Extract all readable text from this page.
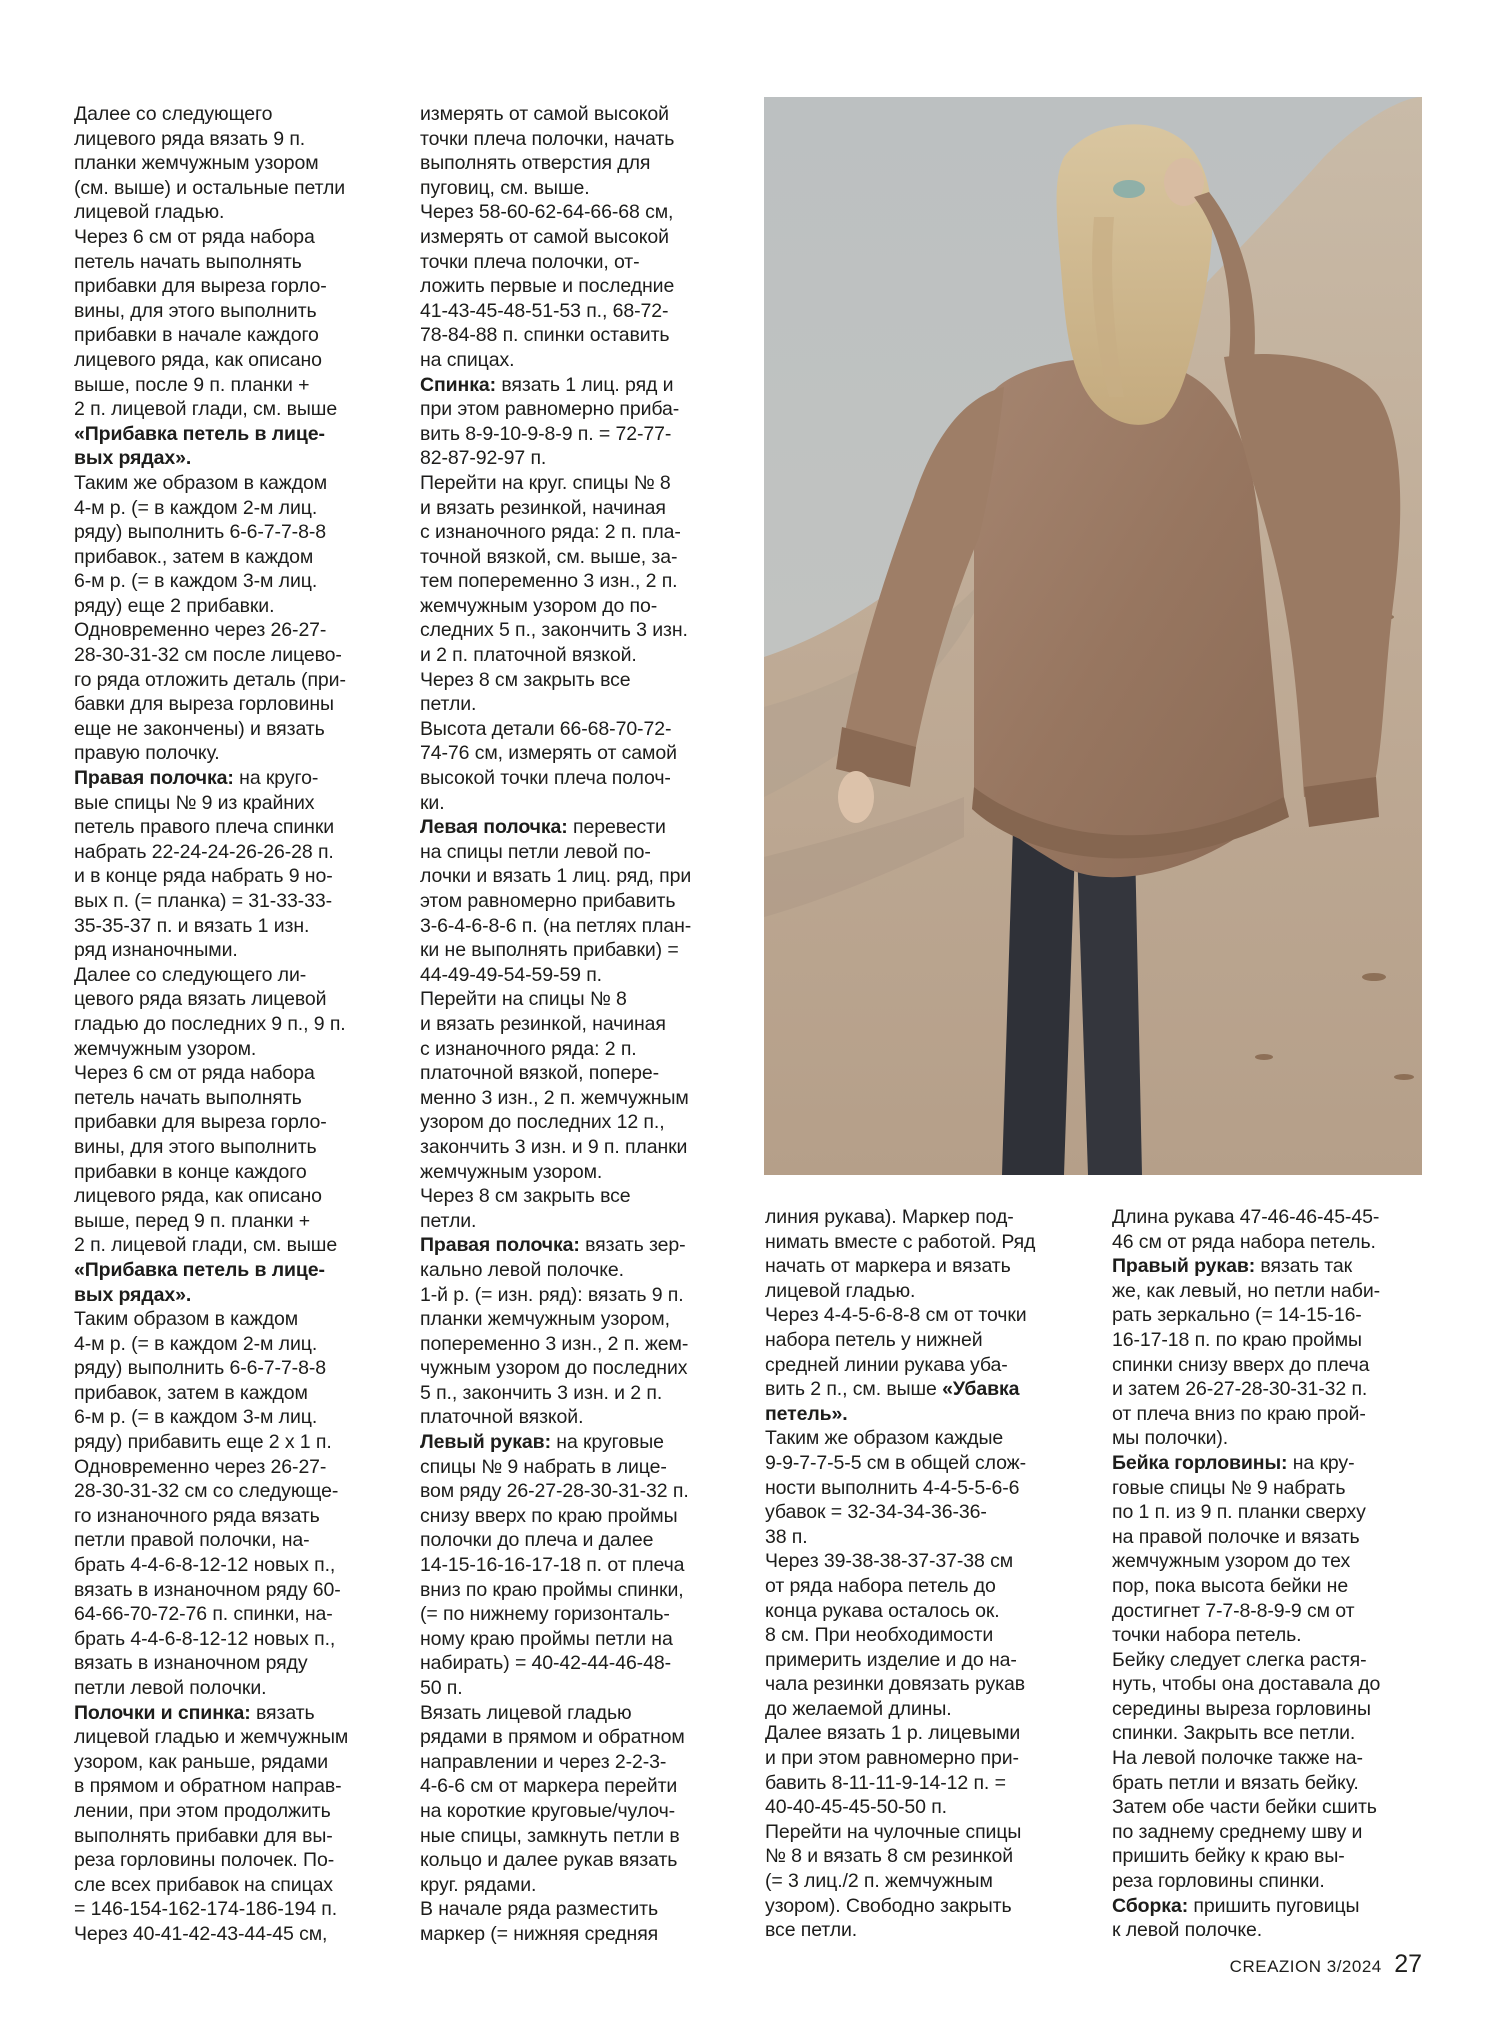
Далее со следующего

лицевого ряда вязать 9 п.

планки жемчужным узором

(см. выше) и остальные петли

лицевой гладью.

Через 6 см от ряда набора

петель начать выполнять

прибавки для выреза горло-

вины, для этого выполнить

прибавки в начале каждого

лицевого ряда, как описано

выше, после 9 п. планки +

2 п. лицевой глади, см. выше

«Прибавка петель в лице-

вых рядах».

Таким же образом в каждом

4-м р. (= в каждом 2-м лиц.

ряду) выполнить 6-6-7-7-8-8

прибавок., затем в каждом

6-м р. (= в каждом 3-м лиц.

ряду) еще 2 прибавки.

Одновременно через 26-27-

28-30-31-32 см после лицево-

го ряда отложить деталь (при-

бавки для выреза горловины

еще не закончены) и вязать

правую полочку.

Правая полочка: на круго-

вые спицы № 9 из крайних

петель правого плеча спинки

набрать 22-24-24-26-26-28 п.

и в конце ряда набрать 9 но-

вых п. (= планка) = 31-33-33-

35-35-37 п. и вязать 1 изн.

ряд изнаночными.

Далее со следующего ли-

цевого ряда вязать лицевой

гладью до последних 9 п., 9 п.

жемчужным узором.

Через 6 см от ряда набора

петель начать выполнять

прибавки для выреза горло-

вины, для этого выполнить

прибавки в конце каждого

лицевого ряда, как описано

выше, перед 9 п. планки +

2 п. лицевой глади, см. выше

«Прибавка петель в лице-

вых рядах».

Таким образом в каждом

4-м р. (= в каждом 2-м лиц.

ряду) выполнить 6-6-7-7-8-8

прибавок, затем в каждом

6-м р. (= в каждом 3-м лиц.

ряду) прибавить еще 2 х 1 п.

Одновременно через 26-27-

28-30-31-32 см со следующе-

го изнаночного ряда вязать

петли правой полочки, на-

брать 4-4-6-8-12-12 новых п.,

вязать в изнаночном ряду 60-

64-66-70-72-76 п. спинки, на-

брать 4-4-6-8-12-12 новых п.,

вязать в изнаночном ряду

петли левой полочки.

Полочки и спинка: вязать

лицевой гладью и жемчужным

узором, как раньше, рядами

в прямом и обратном направ-

лении, при этом продолжить

выполнять прибавки для вы-

реза горловины полочек. По-

сле всех прибавок на спицах

= 146-154-162-174-186-194 п.

Через 40-41-42-43-44-45 см,

измерять от самой высокой

точки плеча полочки, начать

выполнять отверстия для

пуговиц, см. выше.

Через 58-60-62-64-66-68 см,

измерять от самой высокой

точки плеча полочки, от-

ложить первые и последние

41-43-45-48-51-53 п., 68-72-

78-84-88 п. спинки оставить

на спицах.

Спинка: вязать 1 лиц. ряд и

при этом равномерно приба-

вить 8-9-10-9-8-9 п. = 72-77-

82-87-92-97 п.

Перейти на круг. спицы № 8

и вязать резинкой, начиная

с изнаночного ряда: 2 п. пла-

точной вязкой, см. выше, за-

тем попеременно 3 изн., 2 п.

жемчужным узором до по-

следних 5 п., закончить 3 изн.

и 2 п. платочной вязкой.

Через 8 см закрыть все

петли.

Высота детали 66-68-70-72-

74-76 см, измерять от самой

высокой точки плеча полоч-

ки.

Левая полочка: перевести

на спицы петли левой по-

лочки и вязать 1 лиц. ряд, при

этом равномерно прибавить

3-6-4-6-8-6 п. (на петлях план-

ки не выполнять прибавки) =

44-49-49-54-59-59 п.

Перейти на спицы № 8

и вязать резинкой, начиная

с изнаночного ряда: 2 п.

платочной вязкой, попере-

менно 3 изн., 2 п. жемчужным

узором до последних 12 п.,

закончить 3 изн. и 9 п. планки

жемчужным узором.

Через 8 см закрыть все

петли.

Правая полочка: вязать зер-

кально левой полочке.

1-й р. (= изн. ряд): вязать 9 п.

планки жемчужным узором,

попеременно 3 изн., 2 п. жем-

чужным узором до последних

5 п., закончить 3 изн. и 2 п.

платочной вязкой.

Левый рукав: на круговые

спицы № 9 набрать в лице-

вом ряду 26-27-28-30-31-32 п.

снизу вверх по краю проймы

полочки до плеча и далее

14-15-16-16-17-18 п. от плеча

вниз по краю проймы спинки,

(= по нижнему горизонталь-

ному краю проймы петли на

набирать) = 40-42-44-46-48-

50 п.

Вязать лицевой гладью

рядами в прямом и обратном

направлении и через 2-2-3-

4-6-6 см от маркера перейти

на короткие круговые/чулоч-

ные спицы, замкнуть петли в

кольцо и далее рукав вязать

круг. рядами.

В начале ряда разместить

маркер (= нижняя средняя

линия рукава). Маркер под-

нимать вместе с работой. Ряд

начать от маркера и вязать

лицевой гладью.

Через 4-4-5-6-8-8 см от точки

набора петель у нижней

средней линии рукава уба-

вить 2 п., см. выше «Убавка

петель».

Таким же образом каждые

9-9-7-7-5-5 см в общей слож-

ности выполнить 4-4-5-5-6-6

убавок = 32-34-34-36-36-

38 п.

Через 39-38-38-37-37-38 см

от ряда набора петель до

конца рукава осталось ок.

8 см. При необходимости

примерить изделие и до на-

чала резинки довязать рукав

до желаемой длины.

Далее вязать 1 р. лицевыми

и при этом равномерно при-

бавить 8-11-11-9-14-12 п. =

40-40-45-45-50-50 п.

Перейти на чулочные спицы

№ 8 и вязать 8 см резинкой

(= 3 лиц./2 п. жемчужным

узором). Свободно закрыть

все петли.

Длина рукава 47-46-46-45-45-

46 см от ряда набора петель.

Правый рукав: вязать так

же, как левый, но петли наби-

рать зеркально (= 14-15-16-

16-17-18 п. по краю проймы

спинки снизу вверх до плеча

и затем 26-27-28-30-31-32 п.

от плеча вниз по краю прой-

мы полочки).

Бейка горловины: на кру-

говые спицы № 9 набрать

по 1 п. из 9 п. планки сверху

на правой полочке и вязать

жемчужным узором до тех

пор, пока высота бейки не

достигнет 7-7-8-8-9-9 см от

точки набора петель.

Бейку следует слегка растя-

нуть, чтобы она доставала до

середины выреза горловины

спинки. Закрыть все петли.

На левой полочке также на-

брать петли и вязать бейку.

Затем обе части бейки сшить

по заднему среднему шву и

пришить бейку к краю вы-

реза горловины спинки.

Сборка: пришить пуговицы

к левой полочке.

CREAZION 3/2024 27
